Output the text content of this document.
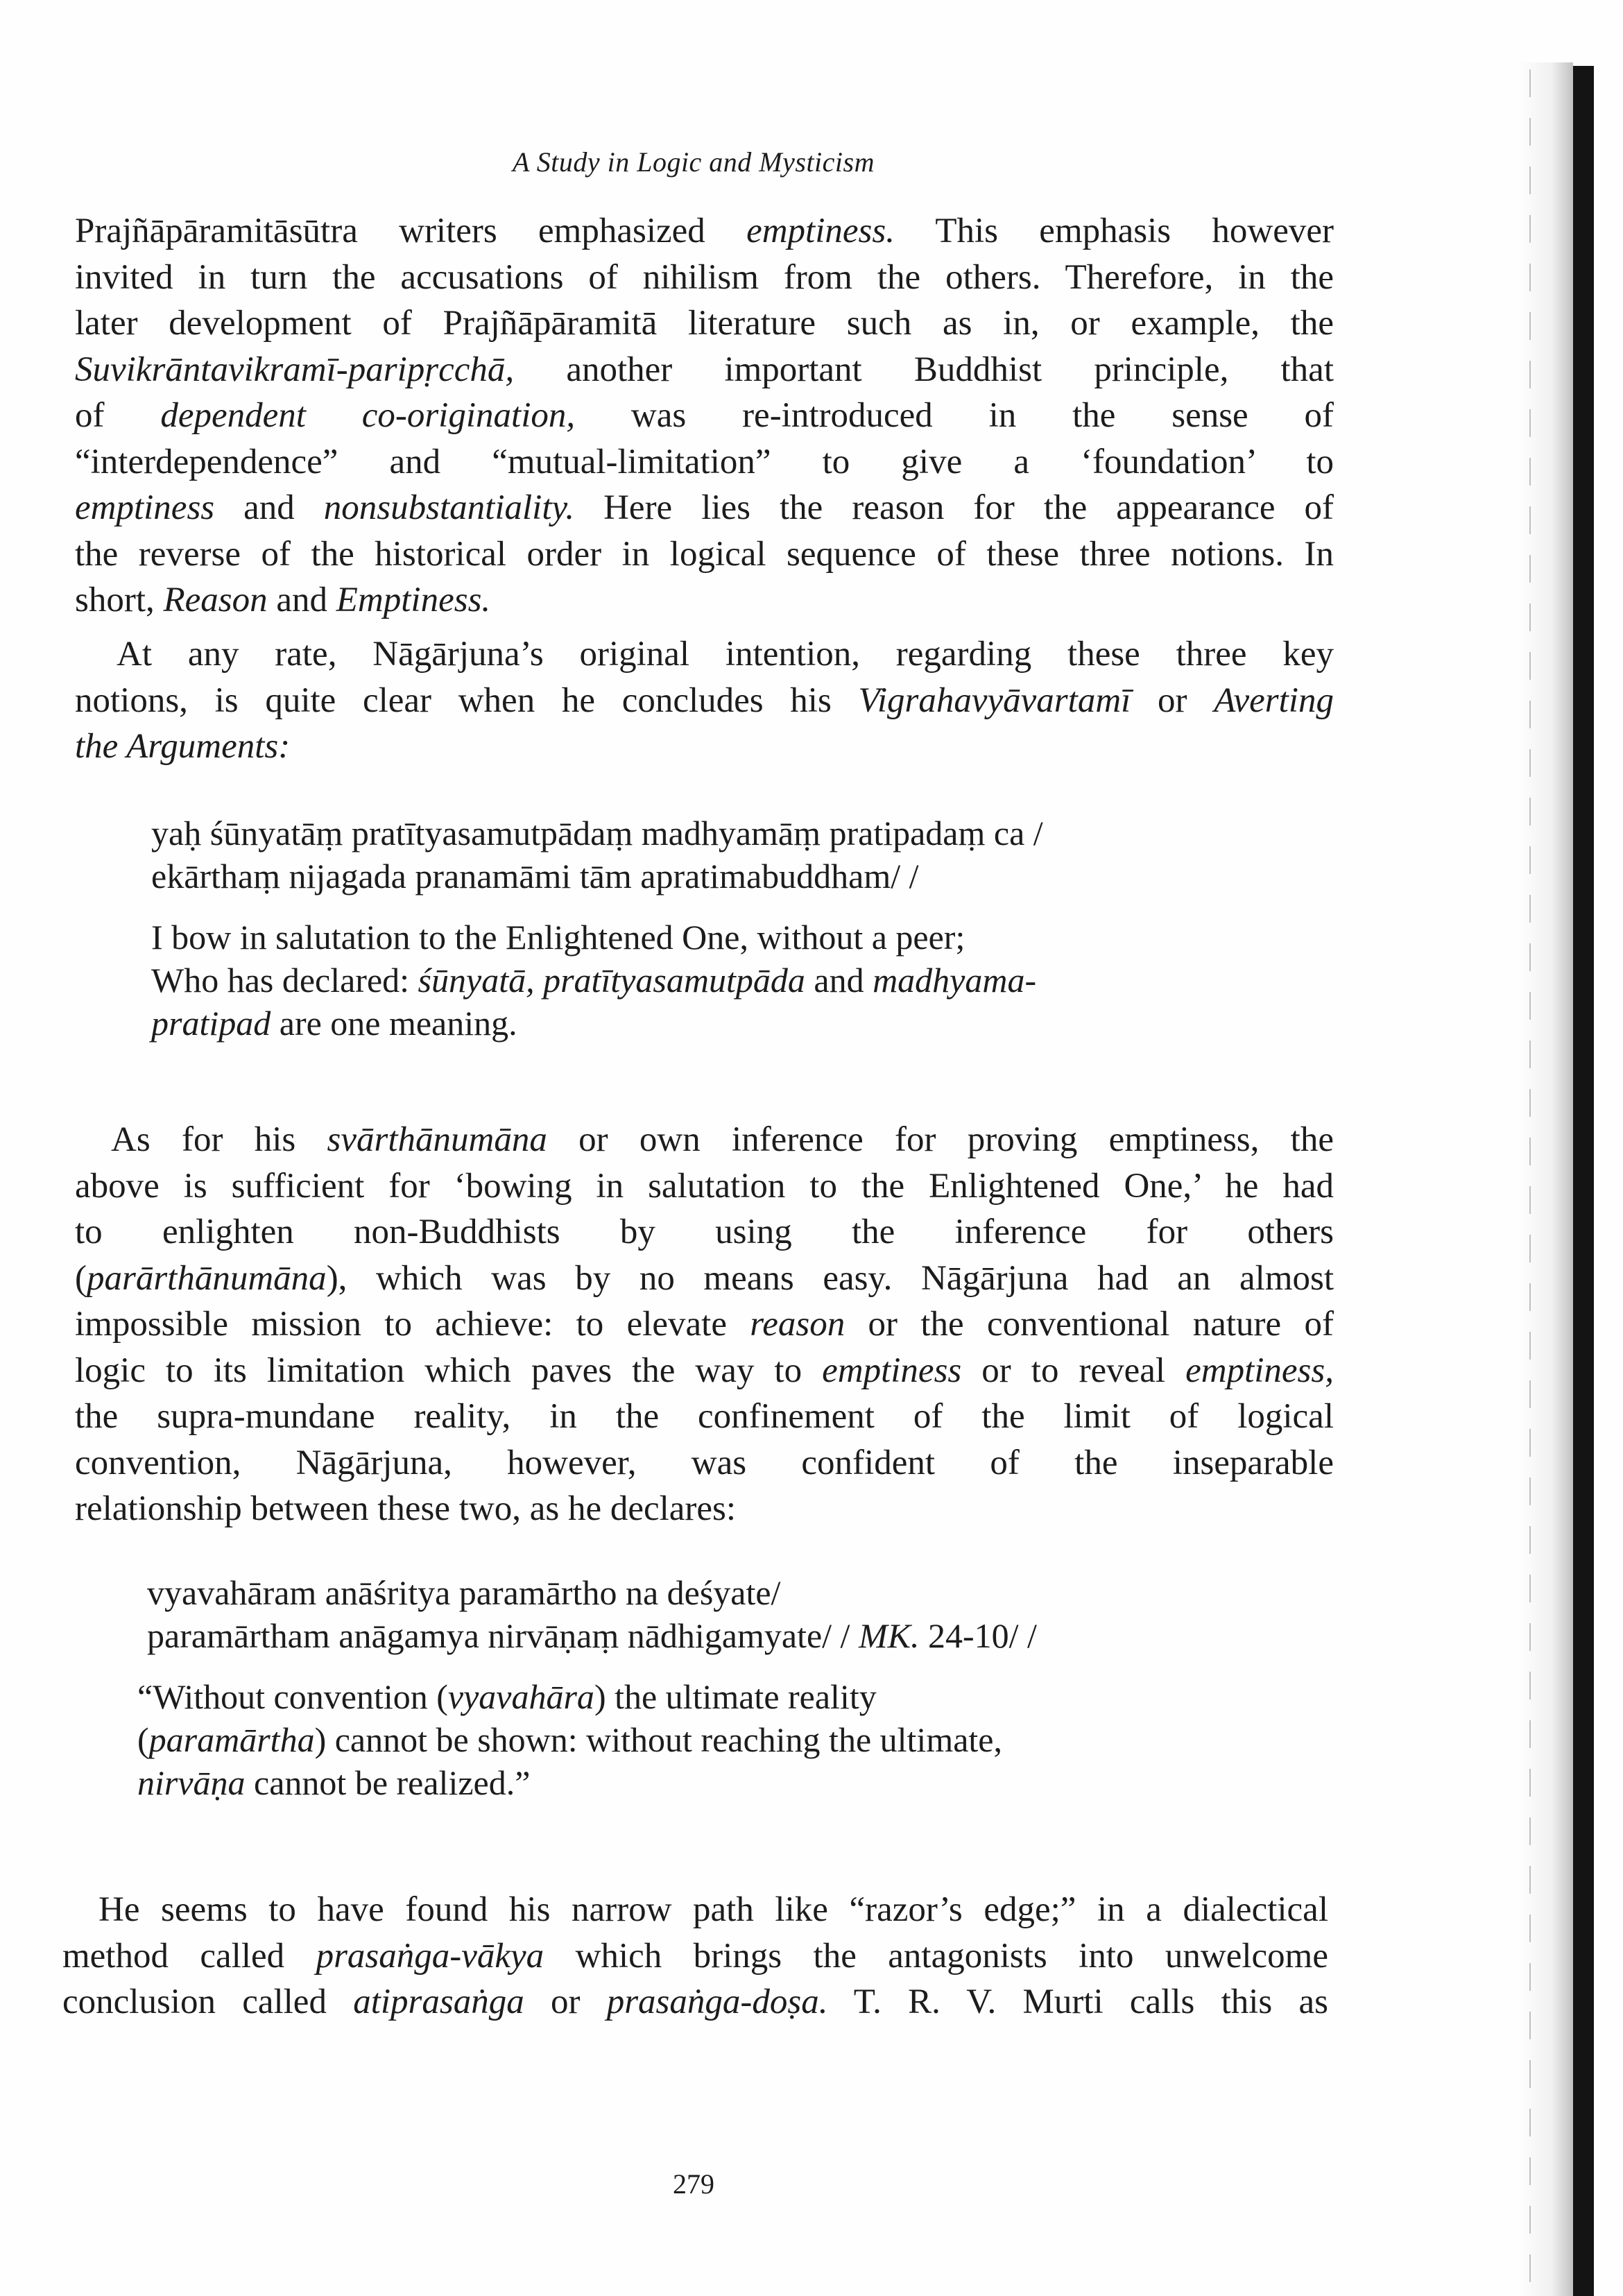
A Study in Logic and Mysticism
Prajñāpāramitāsūtra writers emphasized emptiness. This emphasis however
invited in turn the accusations of nihilism from the others. Therefore, in the
later development of Prajñāpāramitā literature such as in, or example, the
Suvikrāntavikramī-paripṛcchā, another important Buddhist principle, that
of dependent co-origination, was re-introduced in the sense of
“interdependence” and “mutual-limitation” to give a ‘foundation’ to
emptiness and nonsubstantiality. Here lies the reason for the appearance of
the reverse of the historical order in logical sequence of these three notions. In
short, Reason and Emptiness.
At any rate, Nāgārjuna’s original intention, regarding these three key
notions, is quite clear when he concludes his Vigrahavyāvartamī or Averting
the Arguments:
yaḥ śūnyatāṃ pratītyasamutpādaṃ madhyamāṃ pratipadaṃ ca /
ekārthaṃ nijagada pranamāmi tām apratimabuddham/ /
I bow in salutation to the Enlightened One, without a peer;
Who has declared: śūnyatā, pratītyasamutpāda and madhyama-
pratipad are one meaning.
As for his svārthānumāna or own inference for proving emptiness, the
above is sufficient for ‘bowing in salutation to the Enlightened One,’ he had
to enlighten non-Buddhists by using the inference for others
(parārthānumāna), which was by no means easy. Nāgārjuna had an almost
impossible mission to achieve: to elevate reason or the conventional nature of
logic to its limitation which paves the way to emptiness or to reveal emptiness,
the supra-mundane reality, in the confinement of the limit of logical
convention, Nāgārjuna, however, was confident of the inseparable
relationship between these two, as he declares:
vyavahāram anāśritya paramārtho na deśyate/
paramārtham anāgamya nirvāṇaṃ nādhigamyate/ / MK. 24-10/ /
“Without convention (vyavahāra) the ultimate reality
(paramārtha) cannot be shown: without reaching the ultimate,
nirvāṇa cannot be realized.”
He seems to have found his narrow path like “razor’s edge;” in a dialectical
method called prasaṅga-vākya which brings the antagonists into unwelcome
conclusion called atiprasaṅga or prasaṅga-doṣa. T. R. V. Murti calls this as
279
